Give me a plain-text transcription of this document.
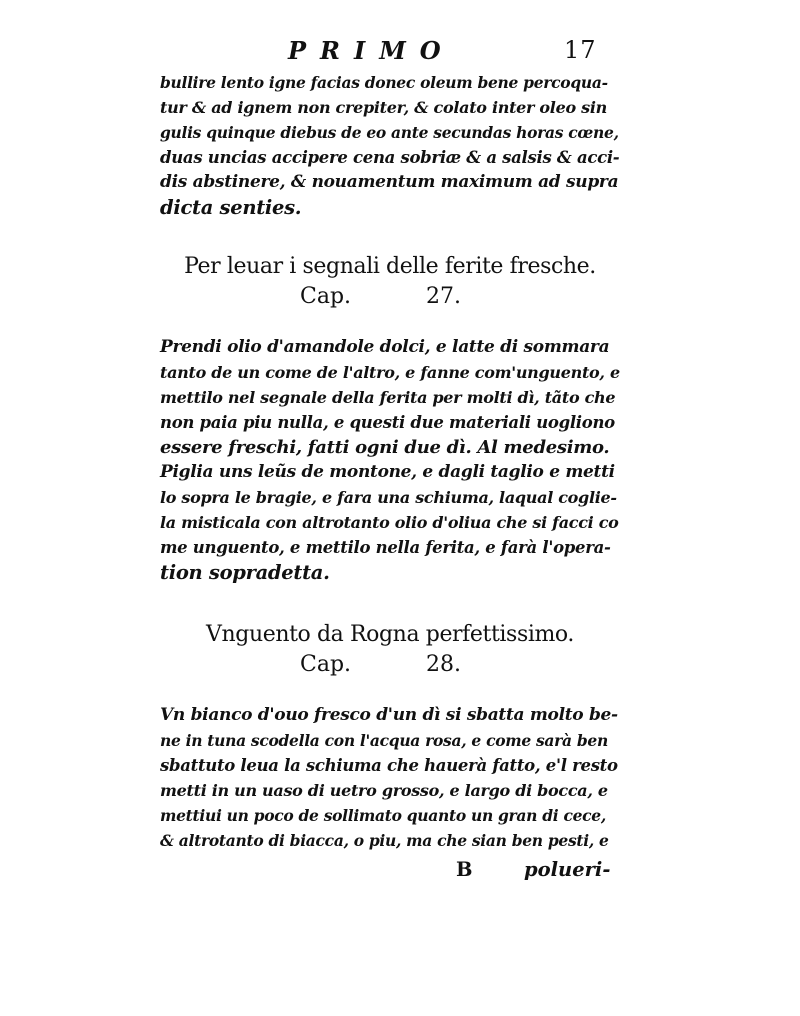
PRIMO	17
bullire lento igne facias donec oleum bene percoqua-
tur & ad ignem non crepiter, & colato inter oleo sin
gulis quinque diebus de eo ante secundas horas cœne,
duas uncias accipere cena sobriæ & a salsis & acci-
dis abstinere, & nouamentum maximum ad supra
dicta senties.
Per leuar i segnali delle ferite fresche.
Cap.	27.
Prendi olio d'amandole dolci, e latte di sommara
tanto de un come de l'altro, e fanne com'unguento, e
mettilo nel segnale della ferita per molti dì, tãto che
non paia piu nulla, e questi due materiali uogliono
essere freschi, fatti ogni due dì. Al medesimo.
Piglia uns leũs de montone, e dagli taglio e metti
lo sopra le bragie, e fara una schiuma, laqual coglie-
la misticala con altrotanto olio d'oliua che si facci co
me unguento, e mettilo nella ferita, e farà l'opera-
tion sopradetta.
Vnguento da Rogna perfettissimo.
Cap.	28.
Vn bianco d'ouo fresco d'un dì si sbatta molto be-
ne in tuna scodella con l'acqua rosa, e come sarà ben
sbattuto leua la schiuma che hauerà fatto, e'l resto
metti in un uaso di uetro grosso, e largo di bocca, e
mettiui un poco de sollimato quanto un gran di cece,
& altrotanto di biacca, o piu, ma che sian ben pesti, e
B	polueri-
